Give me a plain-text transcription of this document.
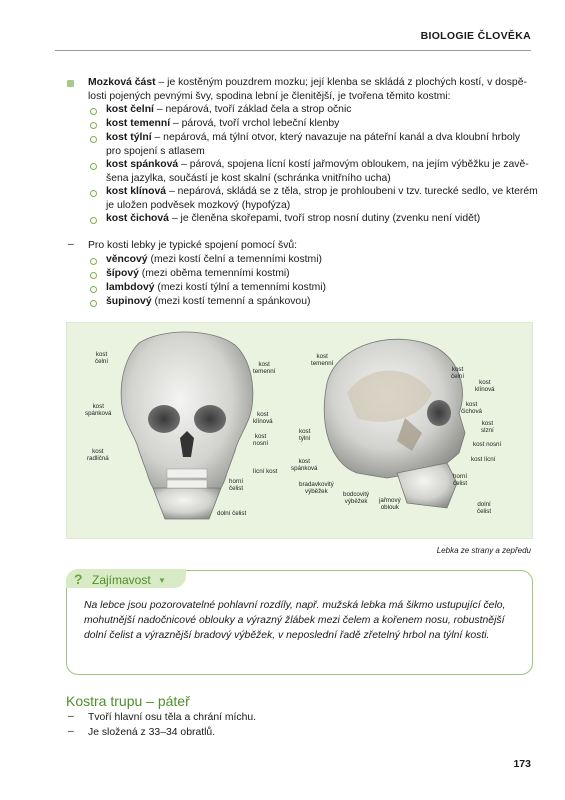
BIOLOGIE ČLOVĚKA
Mozková část – je kostěným pouzdrem mozku; její klenba se skládá z plochých kostí, v dospě-
losti pojených pevnými švy, spodina lební je členitější, je tvořena těmito kostmi:
kost čelní – nepárová, tvoří základ čela a strop očnic
kost temenní – párová, tvoří vrchol lebeční klenby
kost týlní – nepárová, má týlní otvor, který navazuje na páteřní kanál a dva kloubní hrboly
pro spojení s atlasem
kost spánková – párová, spojena lícní kostí jařmovým obloukem, na jejím výběžku je zavě-
šena jazylka, součástí je kost skalní (schránka vnitřního ucha)
kost klínová – nepárová, skládá se z těla, strop je prohloubeni v tzv. turecké sedlo, ve kterém
je uložen podvěsek mozkový (hypofýza)
kost čichová – je členěna skořepami, tvoří strop nosní dutiny (zvenku není vidět)
– Pro kosti lebky je typické spojení pomocí švů:
věncový (mezi kostí čelní a temenními kostmi)
šípový (mezi oběma temenními kostmi)
lambdový (mezi kostí týlní a temenními kostmi)
šupinový (mezi kostí temenní a spánkovou)
kost
čelní
kost
spánková
kost
radličná
kost
temenní
kost
klínová
kost
nosní
lícní kost
horní
čelist
dolní čelist
kost
temenní
kost
týlní
kost
spánková
bradavkovitý
výběžek	bodcovitý
výběžek jařmový
oblouk
kost
čelní
kost
klínová
kost
čichová
kost
slzní
kost nosní
kost lícní
horní
čelist
dolní
čelist
Lebka ze strany a zepředu
? Zajímavost ▼
Na lebce jsou pozorovatelné pohlavní rozdíly, např. mužská lebka má šikmo ustupující čelo, mohutnější nadočnicové oblouky a výrazný žlábek mezi čelem a kořenem nosu, robustnější dolní čelist a výraznější bradový výběžek, v neposlední řadě zřetelný hrbol na týlní kosti.
Kostra trupu – páteř
– Tvoří hlavní osu těla a chrání míchu.
– Je složená z 33–34 obratlů.
173
